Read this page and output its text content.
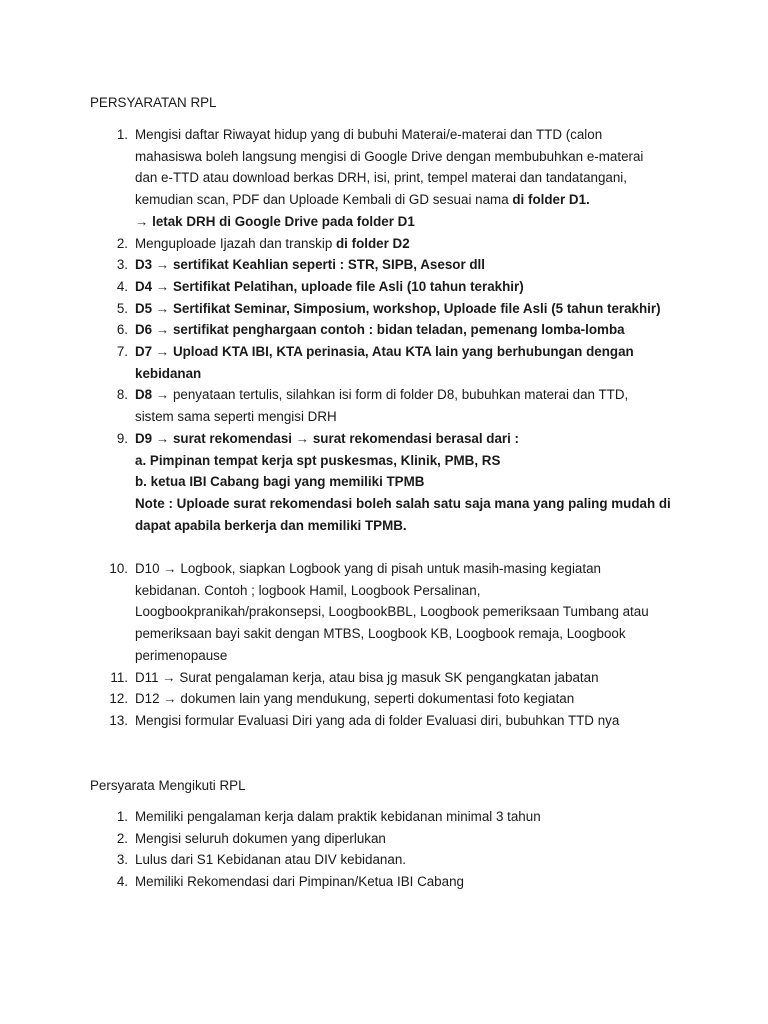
PERSYARATAN RPL
1. Mengisi daftar Riwayat hidup yang di bubuhi Materai/e-materai dan TTD (calon
mahasiswa boleh langsung mengisi di Google Drive dengan membubuhkan e-materai
dan e-TTD atau download berkas DRH, isi, print, tempel materai dan tandatangani,
kemudian scan, PDF dan Uploade Kembali di GD sesuai nama di folder D1.
→ letak DRH di Google Drive pada folder D1
2. Menguploade Ijazah dan transkip di folder D2
3. D3 → sertifikat Keahlian seperti : STR, SIPB, Asesor dll
4. D4 → Sertifikat Pelatihan, uploade file Asli (10 tahun terakhir)
5. D5 → Sertifikat Seminar, Simposium, workshop, Uploade file Asli (5 tahun terakhir)
6. D6 → sertifikat penghargaan contoh : bidan teladan, pemenang lomba-lomba
7. D7 → Upload KTA IBI, KTA perinasia, Atau KTA lain yang berhubungan dengan
kebidanan
8. D8 → penyataan tertulis, silahkan isi form di folder D8, bubuhkan materai dan TTD,
sistem sama seperti mengisi DRH
9. D9 → surat rekomendasi → surat rekomendasi berasal dari :
a. Pimpinan tempat kerja spt puskesmas, Klinik, PMB, RS
b. ketua IBI Cabang bagi yang memiliki TPMB
Note : Uploade surat rekomendasi boleh salah satu saja mana yang paling mudah di
dapat apabila berkerja dan memiliki TPMB.
10. D10 → Logbook, siapkan Logbook yang di pisah untuk masih-masing kegiatan
kebidanan. Contoh ; logbook Hamil, Loogbook Persalinan,
Loogbookpranikah/prakonsepsi, LoogbookBBL, Loogbook pemeriksaan Tumbang atau
pemeriksaan bayi sakit dengan MTBS, Loogbook KB, Loogbook remaja, Loogbook
perimenopause
11. D11 → Surat pengalaman kerja, atau bisa jg masuk SK pengangkatan jabatan
12. D12 → dokumen lain yang mendukung, seperti dokumentasi foto kegiatan
13. Mengisi formular Evaluasi Diri yang ada di folder Evaluasi diri, bubuhkan TTD nya
Persyarata Mengikuti RPL
1. Memiliki pengalaman kerja dalam praktik kebidanan minimal 3 tahun
2. Mengisi seluruh dokumen yang diperlukan
3. Lulus dari S1 Kebidanan atau DIV kebidanan.
4. Memiliki Rekomendasi dari Pimpinan/Ketua IBI Cabang
